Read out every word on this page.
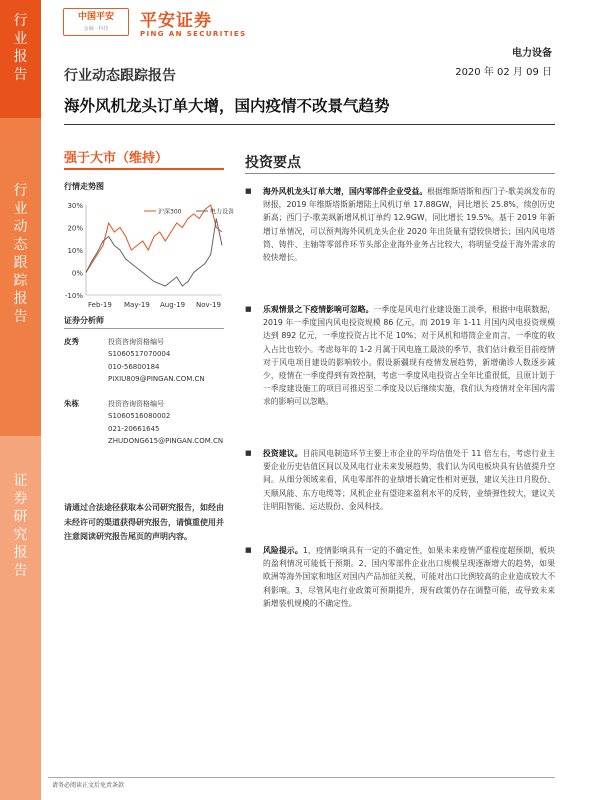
行
业
报
告
行
业
动
态
跟
踪
报
告
证
券
研
究
报
告
中国平安
金融 · 科技	平安证券
PING AN SECURITIES
电力设备
2020 年 02 月 09 日
行业动态跟踪报告
海外风机龙头订单大增，国内疫情不改景气趋势
强于大市（维持）
行情走势图
30%
20%
10%
0%
-10%
Feb-19 May-19 Aug-19 Nov-19
沪深300	电力设备
证券分析师
皮秀	投资咨询资格编号
S1060517070004
010-56800184
PIXIU809@PINGAN.COM.CN
朱栋	投资咨询资格编号
S1060516080002
021-20661645
ZHUDONG615@PINGAN.COM.CN
请通过合法途径获取本公司研究报告，如经由未经许可的渠道获得研究报告，请慎重使用并注意阅读研究报告尾页的声明内容。
投资要点
■	海外风机龙头订单大增，国内零部件企业受益。根据维斯塔斯和西门子-歌美飒发布的财报，2019 年维斯塔斯新增陆上风机订单 17.88GW，同比增长 25.8%，续创历史新高；西门子-歌美飒新增风机订单约 12.9GW，同比增长 19.5%。基于 2019 年新增订单情况，可以预判海外风机龙头企业 2020 年出货量有望较快增长；国内风电塔筒、铸件、主轴等零部件环节头部企业海外业务占比较大，将明显受益于海外需求的较快增长。
■	乐观情景之下疫情影响可忽略。一季度是风电行业建设施工淡季，根据中电联数据，2019 年一季度国内风电投资规模 86 亿元，而 2019 年 1-11 月国内风电投资规模达到 892 亿元，一季度投资占比不足 10%；对于风机和塔筒企业而言，一季度的收入占比也较小。考虑每年的 1-2 月属于风电施工最淡的季节，我们估计截至目前疫情对于风电项目建设的影响较小。假设新疆现有疫情发展趋势，新增确诊人数逐步减少，疫情在一季度得到有效控制，考虑一季度风电投资占全年比重很低，且原计划于一季度建设施工的项目可推迟至二季度及以后继续实施，我们认为疫情对全年国内需求的影响可以忽略。
■	投资建议。目前风电制造环节主要上市企业的平均估值处于 11 倍左右，考虑行业主要企业历史估值区间以及风电行业未来发展趋势，我们认为风电板块具有估值提升空间。从细分领域来看，风电零部件的业绩增长确定性相对更强，建议关注日月股份、天顺风能、东方电缆等；风机企业有望迎来盈利水平的反转，业绩弹性较大，建议关注明阳智能、运达股份、金风科技。
■	风险提示。1、疫情影响具有一定的不确定性，如果未来疫情严重程度超预期，板块的盈利情况可能低于预期。2、国内零部件企业出口规模呈现逐渐增大的趋势，如果欧洲等海外国家和地区对国内产品加征关税，可能对出口比例较高的企业造成较大不利影响。3、尽管风电行业政策可预期提升，现有政策仍存在调整可能，或导致未来新增装机规模的不确定性。
请务必阅读正文后免责条款
